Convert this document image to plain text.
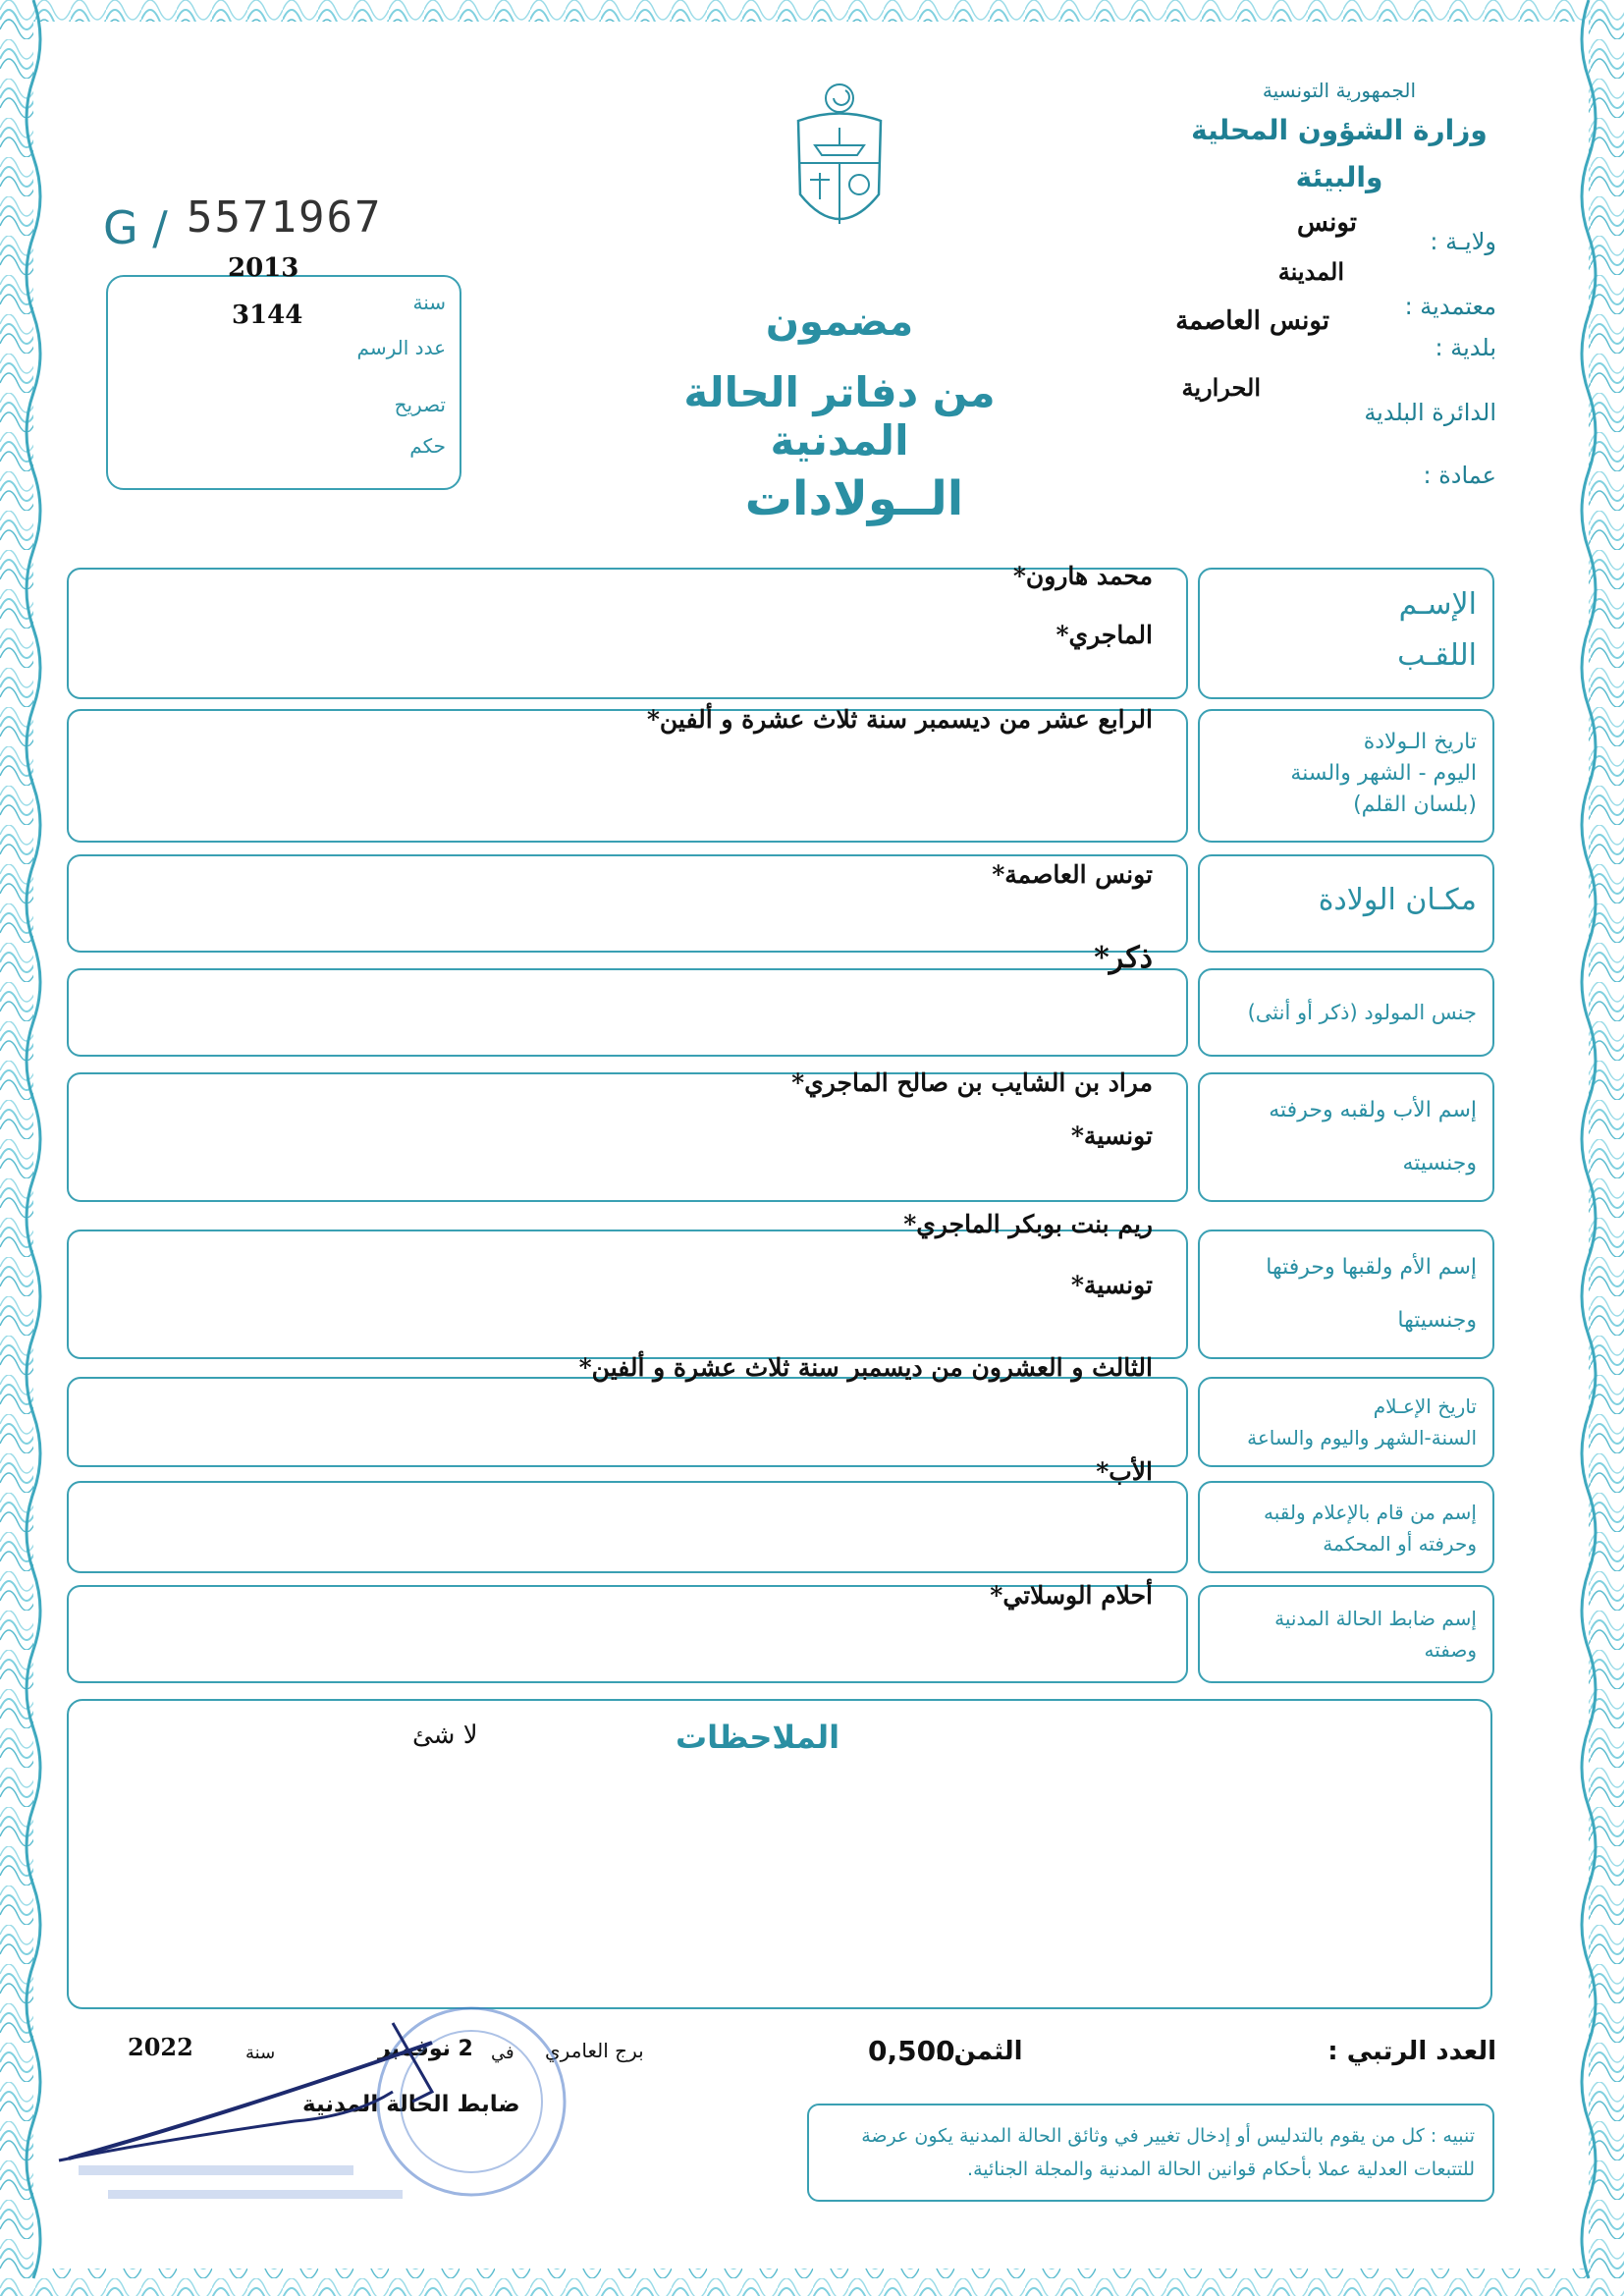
الجمهورية التونسية
وزارة الشؤون المحلية
والبيئة
ولايـة :
تونس
معتمدية :
المدينة
بلدية :
تونس العاصمة
الدائرة البلدية
الحرارية
عمادة :
G / 5571967
سنة
عدد الرسم
تصريح
حكم
2013
3144	مضمون
من دفاتر الحالة المدنية
الــولادات
الإسـم
اللقـب
محمد هارون*
الماجري*
تاريخ الـولادة
اليوم - الشهر والسنة
(بلسان القلم)
الرابع عشر من ديسمبر سنة ثلاث عشرة و ألفين*
مكـان الولادة
تونس العاصمة*
جنس المولود (ذكر أو أنثى)
ذكر*
إسم الأب ولقبه وحرفته
وجنسيته
مراد بن الشايب بن صالح الماجري*
تونسية*
إسم الأم ولقبها وحرفتها
وجنسيتها
ريم بنت بوبكر الماجري*
تونسية*
تاريخ الإعـلام
السنة-الشهر واليوم والساعة
الثالث و العشرون من ديسمبر سنة ثلاث عشرة و ألفين*
إسم من قام بالإعلام ولقبه
وحرفته أو المحكمة
الأب*
إسم ضابط الحالة المدنية
وصفته
أحلام الوسلاتي*
الملاحظات
لا شئ
العدد الرتبي :
الثمن :
0,500
برج العامري
في
2 نوفمبر
سنة
2022
ضابط الحالة المدنية
تنبيه : كل من يقوم بالتدليس أو إدخال تغيير في وثائق الحالة المدنية يكون عرضة للتتبعات العدلية عملا بأحكام قوانين الحالة المدنية والمجلة الجنائية.
